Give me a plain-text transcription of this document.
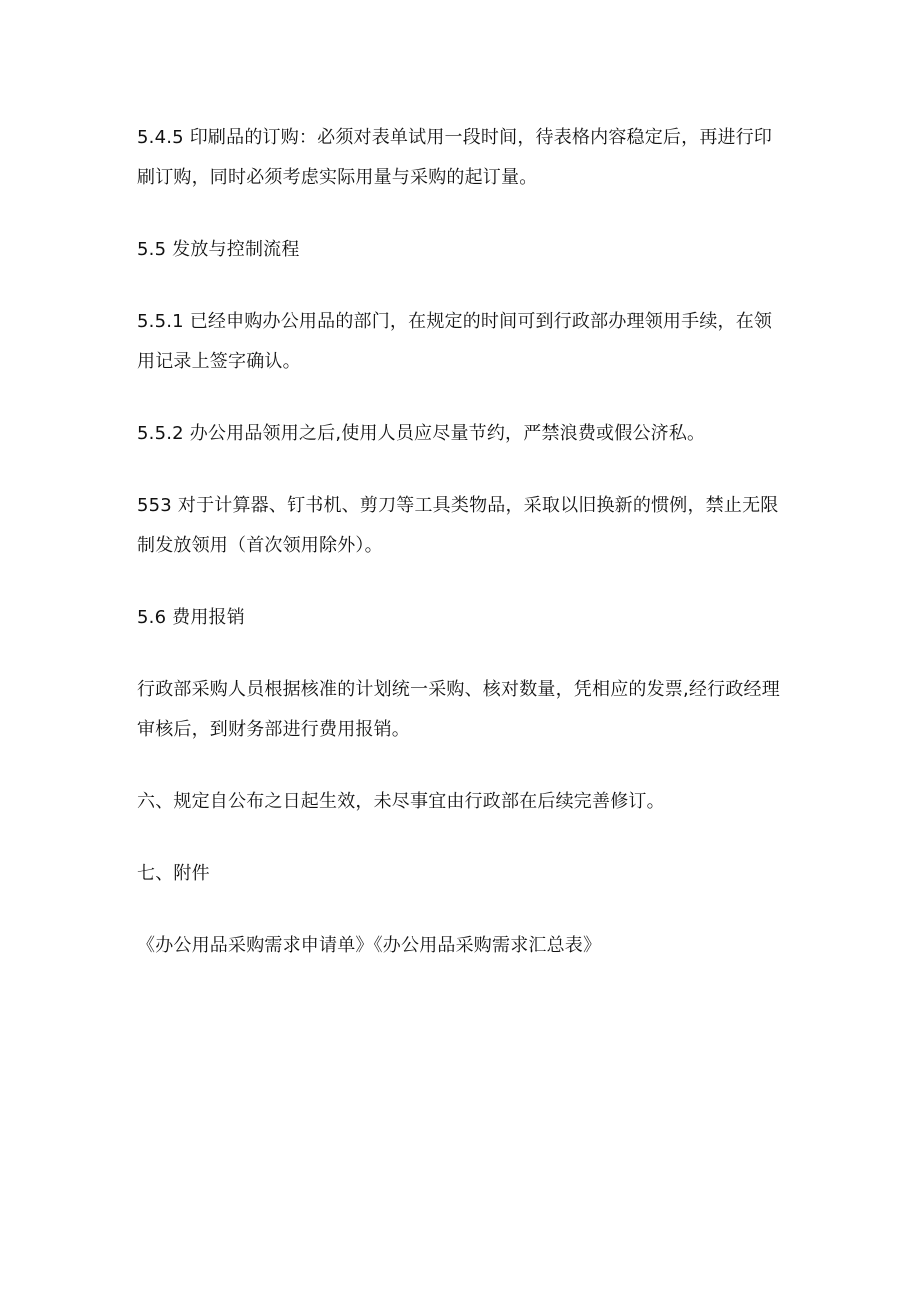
5.4.5 印刷品的订购：必须对表单试用一段时间，待表格内容稳定后，再进行印刷订购，同时必须考虑实际用量与采购的起订量。

5.5 发放与控制流程

5.5.1 已经申购办公用品的部门，在规定的时间可到行政部办理领用手续，在领用记录上签字确认。

5.5.2 办公用品领用之后,使用人员应尽量节约，严禁浪费或假公济私。

553 对于计算器、钉书机、剪刀等工具类物品，采取以旧换新的惯例，禁止无限制发放领用（首次领用除外）。

5.6 费用报销

行政部采购人员根据核准的计划统一采购、核对数量，凭相应的发票,经行政经理审核后，到财务部进行费用报销。

六、规定自公布之日起生效，未尽事宜由行政部在后续完善修订。

七、附件

《办公用品采购需求申请单》《办公用品采购需求汇总表》
